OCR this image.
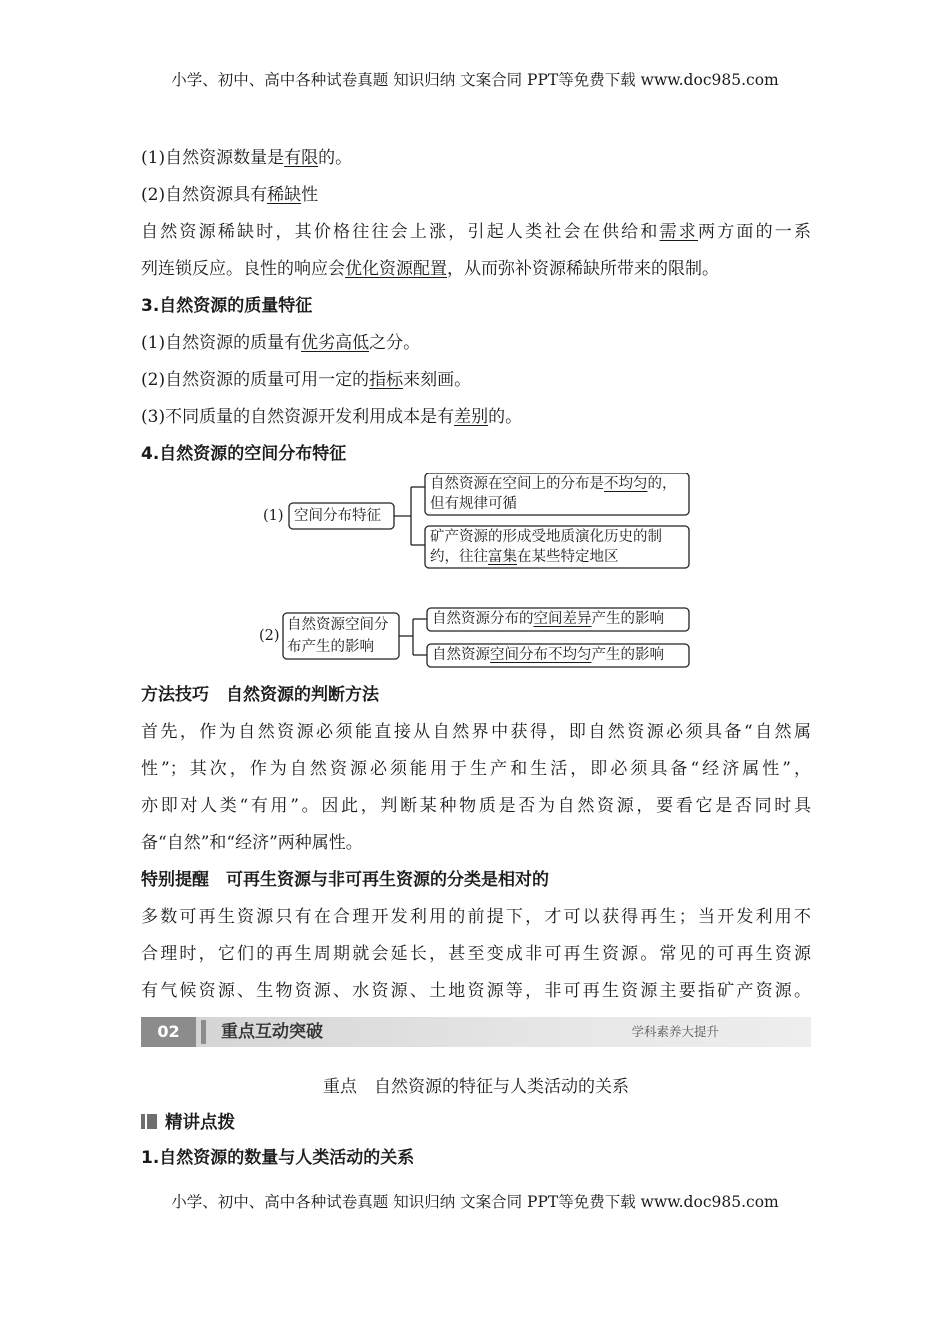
小学、初中、高中各种试卷真题 知识归纳 文案合同 PPT等免费下载 www.doc985.com
(1)自然资源数量是有限的。
(2)自然资源具有稀缺性
自然资源稀缺时，其价格往往会上涨，引起人类社会在供给和需求两方面的一系
列连锁反应。良性的响应会优化资源配置，从而弥补资源稀缺所带来的限制。
3.自然资源的质量特征
(1)自然资源的质量有优劣高低之分。
(2)自然资源的质量可用一定的指标来刻画。
(3)不同质量的自然资源开发利用成本是有差别的。
4.自然资源的空间分布特征
(1) 空间分布特征
自然资源在空间上的分布是不均匀的，
但有规律可循
矿产资源的形成受地质演化历史的制
约，往往富集在某些特定地区
(2)
自然资源空间分
布产生的影响
自然资源分布的空间差异产生的影响
自然资源空间分布不均匀产生的影响
方法技巧　自然资源的判断方法
首先，作为自然资源必须能直接从自然界中获得，即自然资源必须具备“自然属
性”；其次，作为自然资源必须能用于生产和生活，即必须具备“经济属性”，
亦即对人类“有用”。因此，判断某种物质是否为自然资源，要看它是否同时具
备“自然”和“经济”两种属性。
特别提醒　可再生资源与非可再生资源的分类是相对的
多数可再生资源只有在合理开发利用的前提下，才可以获得再生；当开发利用不
合理时，它们的再生周期就会延长，甚至变成非可再生资源。常见的可再生资源
有气候资源、生物资源、水资源、土地资源等，非可再生资源主要指矿产资源。
02	重点互动突破	学科素养大提升
重点　自然资源的特征与人类活动的关系
精讲点拨
1.自然资源的数量与人类活动的关系
小学、初中、高中各种试卷真题 知识归纳 文案合同 PPT等免费下载 www.doc985.com
